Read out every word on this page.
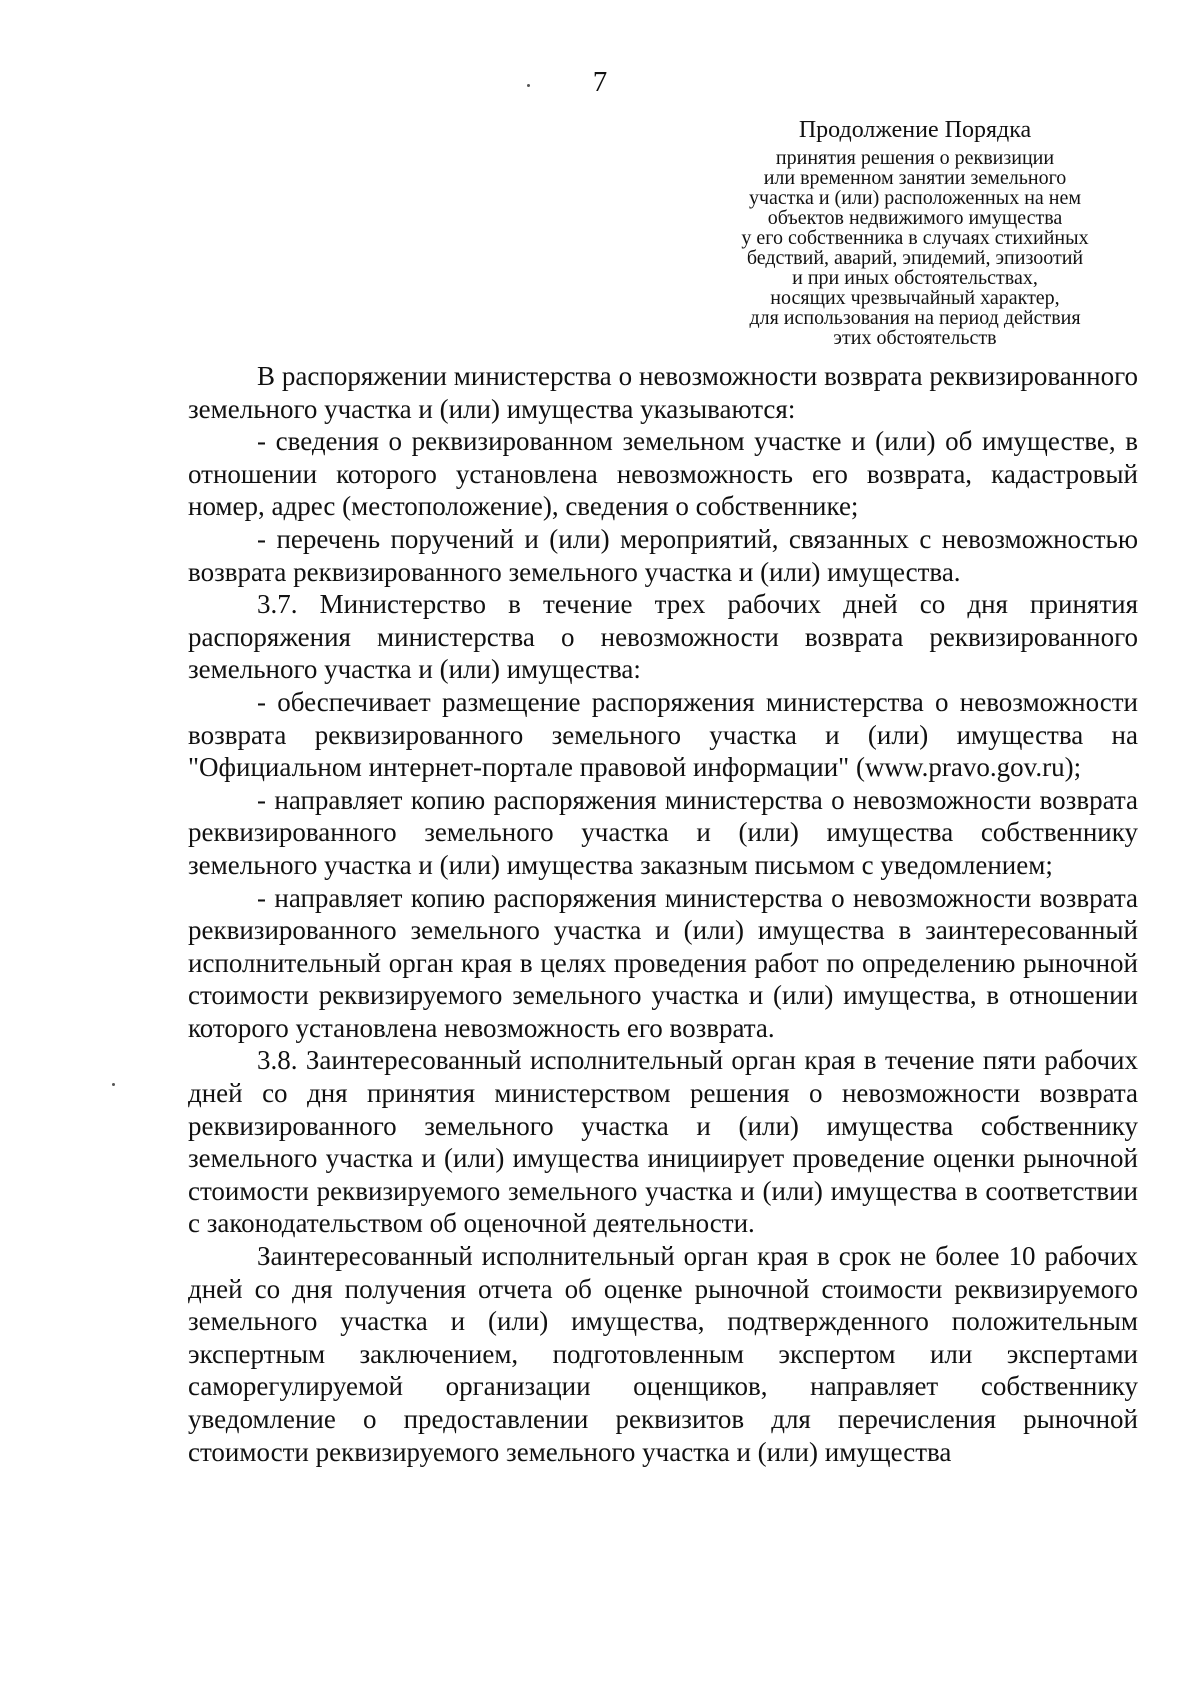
7
Продолжение Порядка
принятия решения о реквизиции
или временном занятии земельного
участка и (или) расположенных на нем
объектов недвижимого имущества
у его собственника в случаях стихийных
бедствий, аварий, эпидемий, эпизоотий
и при иных обстоятельствах,
носящих чрезвычайный характер,
для использования на период действия
этих обстоятельств

В распоряжении министерства о невозможности возврата реквизированного земельного участка и (или) имущества указываются:

- сведения о реквизированном земельном участке и (или) об имуществе, в отношении которого установлена невозможность его возврата, кадастровый номер, адрес (местоположение), сведения о собственнике;

- перечень поручений и (или) мероприятий, связанных с невозможностью возврата реквизированного земельного участка и (или) имущества.

3.7. Министерство в течение трех рабочих дней со дня принятия распоряжения министерства о невозможности возврата реквизированного земельного участка и (или) имущества:

- обеспечивает размещение распоряжения министерства о невозможности возврата реквизированного земельного участка и (или) имущества на "Официальном интернет-портале правовой информации" (www.pravo.gov.ru);

- направляет копию распоряжения министерства о невозможности возврата реквизированного земельного участка и (или) имущества собственнику земельного участка и (или) имущества заказным письмом с уведомлением;

- направляет копию распоряжения министерства о невозможности возврата реквизированного земельного участка и (или) имущества в заинтересованный исполнительный орган края в целях проведения работ по определению рыночной стоимости реквизируемого земельного участка и (или) имущества, в отношении которого установлена невозможность его возврата.

3.8. Заинтересованный исполнительный орган края в течение пяти рабочих дней со дня принятия министерством решения о невозможности возврата реквизированного земельного участка и (или) имущества собственнику земельного участка и (или) имущества инициирует проведение оценки рыночной стоимости реквизируемого земельного участка и (или) имущества в соответствии с законодательством об оценочной деятельности.

Заинтересованный исполнительный орган края в срок не более 10 рабочих дней со дня получения отчета об оценке рыночной стоимости реквизируемого земельного участка и (или) имущества, подтвержденного положительным экспертным заключением, подготовленным экспертом или экспертами саморегулируемой организации оценщиков, направляет собственнику уведомление о предоставлении реквизитов для перечисления рыночной стоимости реквизируемого земельного участка и (или) имущества
